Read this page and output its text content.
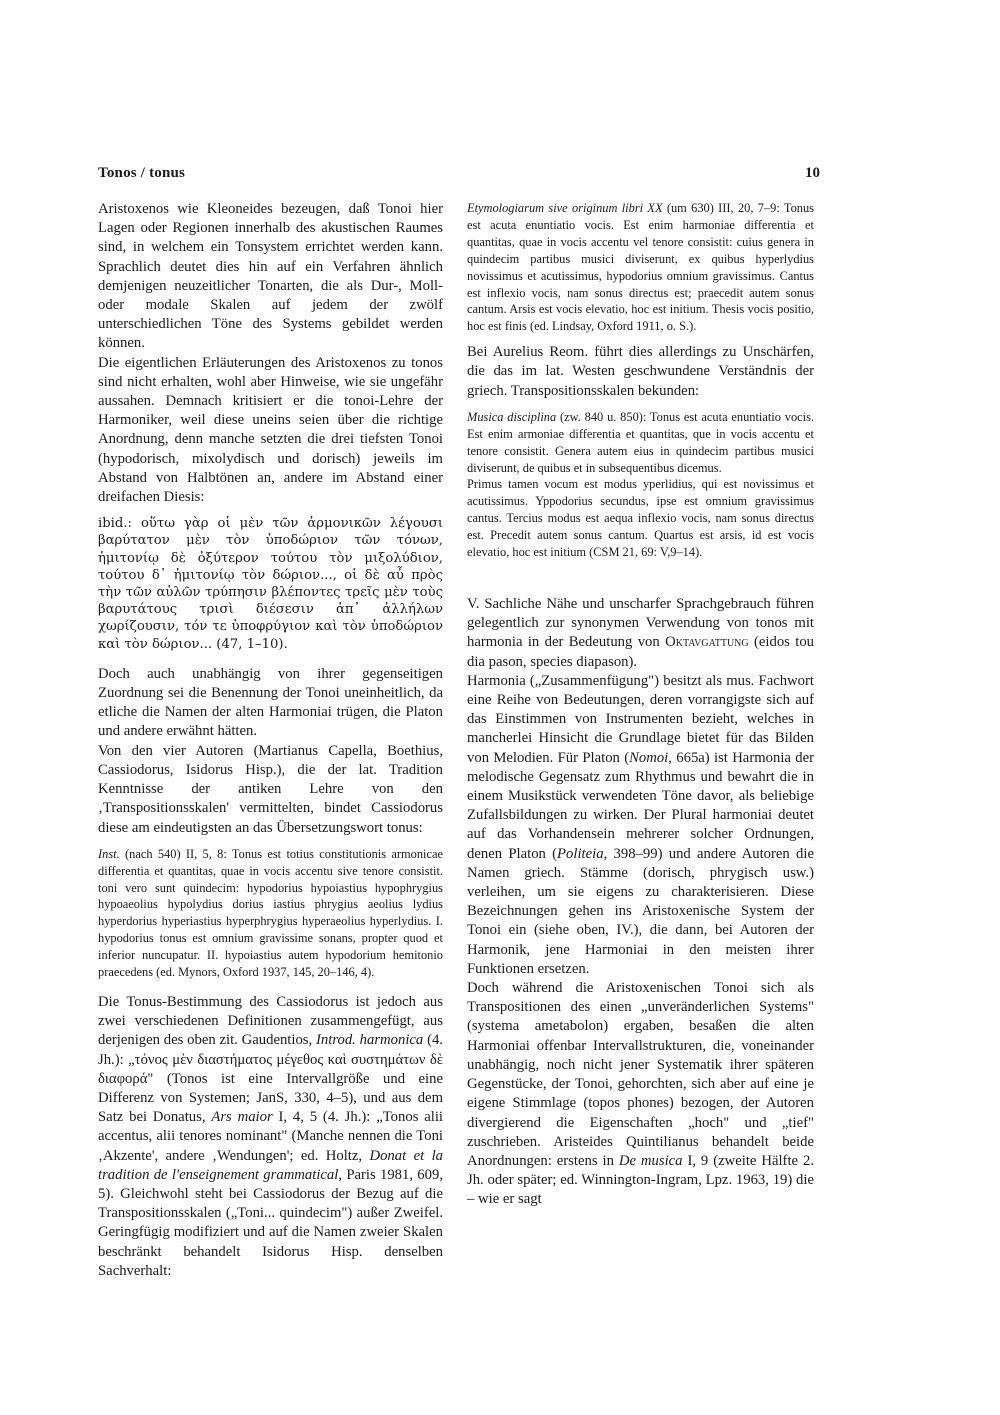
Tonos / tonus	10

Aristoxenos wie Kleoneides bezeugen, daß Tonoi hier Lagen oder Regionen innerhalb des akustischen Raumes sind, in welchem ein Tonsystem errichtet werden kann. Sprachlich deutet dies hin auf ein Verfahren ähnlich demjenigen neuzeitlicher Tonarten, die als Dur-, Moll- oder modale Skalen auf jedem der zwölf unterschiedlichen Töne des Systems gebildet werden können.

Die eigentlichen Erläuterungen des Aristoxenos zu tonos sind nicht erhalten, wohl aber Hinweise, wie sie ungefähr aussahen. Demnach kritisiert er die tonoi-Lehre der Harmoniker, weil diese uneins seien über die richtige Anordnung, denn manche setzten die drei tiefsten Tonoi (hypodorisch, mixolydisch und dorisch) jeweils im Abstand von Halbtönen an, andere im Abstand einer dreifachen Diesis:

ibid.: οὕτω γὰρ οἱ μὲν τῶν ἁρμονικῶν λέγουσι βαρύτατον μὲν τὸν ὑποδώριον τῶν τόνων, ἡμιτονίῳ δὲ ὀξύτερον τούτου τὸν μιξολύδιον, τούτου δ᾿ ἡμιτονίῳ τὸν δώριον..., οἱ δὲ αὖ πρὸς τὴν τῶν αὐλῶν τρύπησιν βλέποντες τρεῖς μὲν τοὺς βαρυτάτους τρισὶ διέσεσιν ἀπ᾿ ἀλλήλων χωρίζουσιν, τόν τε ὑποφρύγιον καὶ τὸν ὑποδώριον καὶ τὸν δώριον... (47, 1–10).

Doch auch unabhängig von ihrer gegenseitigen Zuordnung sei die Benennung der Tonoi uneinheitlich, da etliche die Namen der alten Harmoniai trügen, die Platon und andere erwähnt hätten.

Von den vier Autoren (Martianus Capella, Boethius, Cassiodorus, Isidorus Hisp.), die der lat. Tradition Kenntnisse der antiken Lehre von den ‚Transpositionsskalen' vermittelten, bindet Cassiodorus diese am eindeutigsten an das Übersetzungswort tonus:

Inst. (nach 540) II, 5, 8: Tonus est totius constitutionis armonicae differentia et quantitas, quae in vocis accentu sive tenore consistit. toni vero sunt quindecim: hypodorius hypoiastius hypophrygius hypoaeolius hypolydius dorius iastius phrygius aeolius lydius hyperdorius hyperiastius hyperphrygius hyperaeolius hyperlydius. I. hypodorius tonus est omnium gravissime sonans, propter quod et inferior nuncupatur. II. hypoiastius autem hypodorium hemitonio praecedens (ed. Mynors, Oxford 1937, 145, 20–146, 4).

Die Tonus-Bestimmung des Cassiodorus ist jedoch aus zwei verschiedenen Definitionen zusammengefügt, aus derjenigen des oben zit. Gaudentios, Introd. harmonica (4. Jh.): „τόνος μὲν διαστήματος μέγεθος καὶ συστημάτων δὲ διαφορά" (Tonos ist eine Intervallgröße und eine Differenz von Systemen; JanS, 330, 4–5), und aus dem Satz bei Donatus, Ars maior I, 4, 5 (4. Jh.): „Tonos alii accentus, alii tenores nominant" (Manche nennen die Toni ‚Akzente', andere ‚Wendungen'; ed. Holtz, Donat et la tradition de l'enseignement grammatical, Paris 1981, 609, 5). Gleichwohl steht bei Cassiodorus der Bezug auf die Transpositionsskalen („Toni... quindecim") außer Zweifel. Geringfügig modifiziert und auf die Namen zweier Skalen beschränkt behandelt Isidorus Hisp. denselben Sachverhalt:

Etymologiarum sive originum libri XX (um 630) III, 20, 7–9: Tonus est acuta enuntiatio vocis. Est enim harmoniae differentia et quantitas, quae in vocis accentu vel tenore consistit: cuius genera in quindecim partibus musici diviserunt, ex quibus hyperlydius novissimus et acutissimus, hypodorius omnium gravissimus. Cantus est inflexio vocis, nam sonus directus est; praecedit autem sonus cantum. Arsis est vocis elevatio, hoc est initium. Thesis vocis positio, hoc est finis (ed. Lindsay, Oxford 1911, o. S.).

Bei Aurelius Reom. führt dies allerdings zu Unschärfen, die das im lat. Westen geschwundene Verständnis der griech. Transpositionsskalen bekunden:

Musica disciplina (zw. 840 u. 850): Tonus est acuta enuntiatio vocis. Est enim armoniae differentia et quantitas, que in vocis accentu et tenore consistit. Genera autem eius in quindecim partibus musici diviserunt, de quibus et in subsequentibus dicemus.

Primus tamen vocum est modus yperlidius, qui est novissimus et acutissimus. Yppodorius secundus, ipse est omnium gravissimus cantus. Tercius modus est aequa inflexio vocis, nam sonus directus est. Precedit autem sonus cantum. Quartus est arsis, id est vocis elevatio, hoc est initium (CSM 21, 69: V,9–14).

V. Sachliche Nähe und unscharfer Sprachgebrauch führen gelegentlich zur synonymen Verwendung von tonos mit harmonia in der Bedeutung von Oktavgattung (eidos tou dia pason, species diapason).

Harmonia („Zusammenfügung") besitzt als mus. Fachwort eine Reihe von Bedeutungen, deren vorrangigste sich auf das Einstimmen von Instrumenten bezieht, welches in mancherlei Hinsicht die Grundlage bietet für das Bilden von Melodien. Für Platon (Nomoi, 665a) ist Harmonia der melodische Gegensatz zum Rhythmus und bewahrt die in einem Musikstück verwendeten Töne davor, als beliebige Zufallsbildungen zu wirken. Der Plural harmoniai deutet auf das Vorhandensein mehrerer solcher Ordnungen, denen Platon (Politeia, 398–99) und andere Autoren die Namen griech. Stämme (dorisch, phrygisch usw.) verleihen, um sie eigens zu charakterisieren. Diese Bezeichnungen gehen ins Aristoxenische System der Tonoi ein (siehe oben, IV.), die dann, bei Autoren der Harmonik, jene Harmoniai in den meisten ihrer Funktionen ersetzen.

Doch während die Aristoxenischen Tonoi sich als Transpositionen des einen „unveränderlichen Systems" (systema ametabolon) ergaben, besaßen die alten Harmoniai offenbar Intervallstrukturen, die, voneinander unabhängig, noch nicht jener Systematik ihrer späteren Gegenstücke, der Tonoi, gehorchten, sich aber auf eine je eigene Stimmlage (topos phones) bezogen, der Autoren divergierend die Eigenschaften „hoch" und „tief" zuschrieben. Aristeides Quintilianus behandelt beide Anordnungen: erstens in De musica I, 9 (zweite Hälfte 2. Jh. oder später; ed. Winnington-Ingram, Lpz. 1963, 19) die – wie er sagt
